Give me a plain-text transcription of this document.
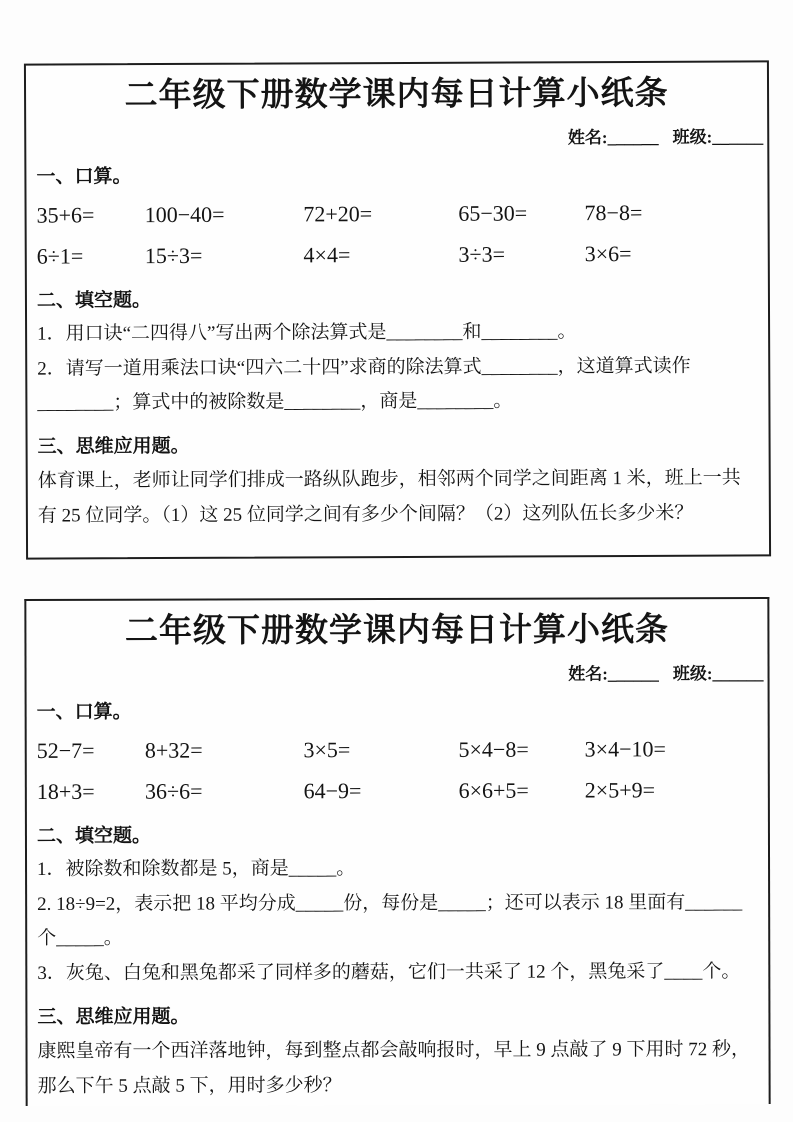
二年级下册数学课内每日计算小纸条
姓名:______ 班级:______
一、口算。
35+6=	100−40=	72+20=	65−30=	78−8=
6÷1=	15÷3=	4×4=	3÷3=	3×6=
二、填空题。

1．用口诀“二四得八”写出两个除法算式是________和________。

2．请写一道用乘法口诀“四六二十四”求商的除法算式________，这道算式读作________；算式中的被除数是________，商是________。

三、思维应用题。

体育课上，老师让同学们排成一路纵队跑步，相邻两个同学之间距离 1 米，班上一共有 25 位同学。（1）这 25 位同学之间有多少个间隔？（2）这列队伍长多少米？

二年级下册数学课内每日计算小纸条
姓名:______ 班级:______
一、口算。
52−7=	8+32=	3×5=	5×4−8=	3×4−10=
18+3=	36÷6=	64−9=	6×6+5=	2×5+9=
二、填空题。

1．被除数和除数都是 5，商是_____。

2. 18÷9=2，表示把 18 平均分成_____份，每份是_____；还可以表示 18 里面有______个_____。

3．灰兔、白兔和黑兔都采了同样多的蘑菇，它们一共采了 12 个，黑兔采了____个。

三、思维应用题。

康熙皇帝有一个西洋落地钟，每到整点都会敲响报时，早上 9 点敲了 9 下用时 72 秒，那么下午 5 点敲 5 下，用时多少秒？
